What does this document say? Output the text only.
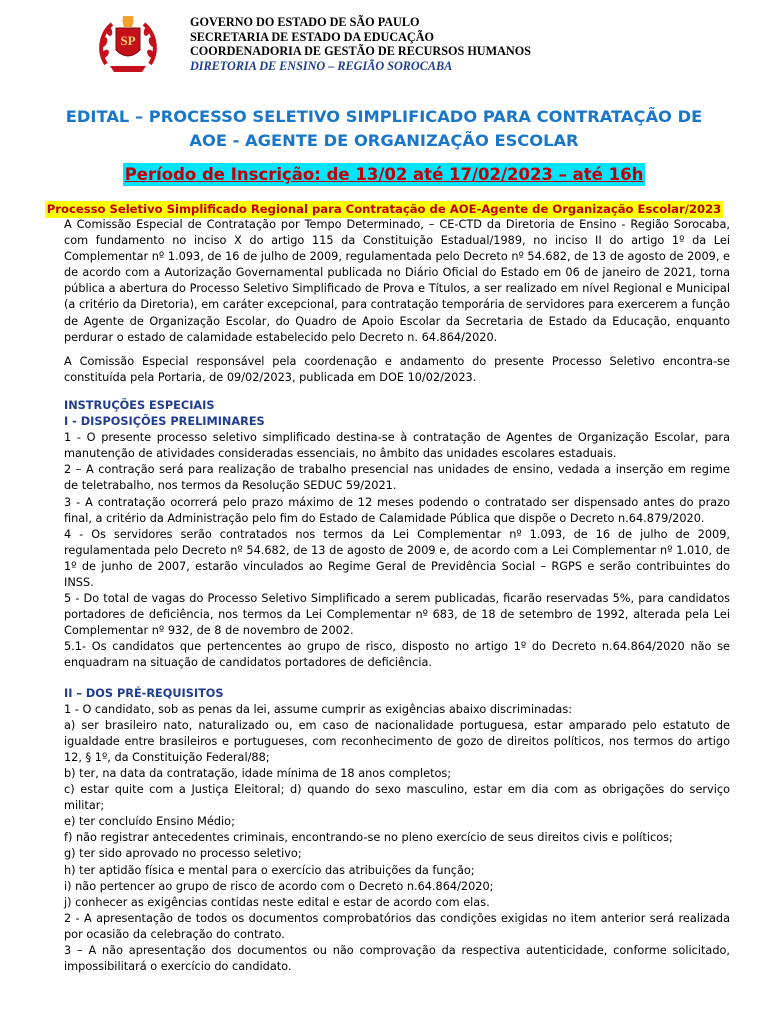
SP
GOVERNO DO ESTADO DE SÃO PAULO
SECRETARIA DE ESTADO DA EDUCAÇÃO
COORDENADORIA DE GESTÃO DE RECURSOS HUMANOS
DIRETORIA DE ENSINO – REGIÃO SOROCABA
EDITAL – PROCESSO SELETIVO SIMPLIFICADO PARA CONTRATAÇÃO DE
AOE - AGENTE DE ORGANIZAÇÃO ESCOLAR
Período de Inscrição: de 13/02 até 17/02/2023 – até 16h
Processo Seletivo Simplificado Regional para Contratação de AOE-Agente de Organização Escolar/2023

A Comissão Especial de Contratação por Tempo Determinado, – CE-CTD da Diretoria de Ensino - Região Sorocaba, com fundamento no inciso X do artigo 115 da Constituição Estadual/1989, no inciso II do artigo 1º da Lei Complementar nº 1.093, de 16 de julho de 2009, regulamentada pelo Decreto nº 54.682, de 13 de agosto de 2009, e de acordo com a Autorização Governamental publicada no Diário Oficial do Estado em 06 de janeiro de 2021, torna pública a abertura do Processo Seletivo Simplificado de Prova e Títulos, a ser realizado em nível Regional e Municipal (a critério da Diretoria), em caráter excepcional, para contratação temporária de servidores para exercerem a função de Agente de Organização Escolar, do Quadro de Apoio Escolar da Secretaria de Estado da Educação, enquanto perdurar o estado de calamidade estabelecido pelo Decreto n. 64.864/2020.

A Comissão Especial responsável pela coordenação e andamento do presente Processo Seletivo encontra-se constituída pela Portaria, de 09/02/2023, publicada em DOE 10/02/2023.

INSTRUÇÕES ESPECIAIS
I - DISPOSIÇÕES PRELIMINARES

1 - O presente processo seletivo simplificado destina-se à contratação de Agentes de Organização Escolar, para manutenção de atividades consideradas essenciais, no âmbito das unidades escolares estaduais.

2 – A contração será para realização de trabalho presencial nas unidades de ensino, vedada a inserção em regime de teletrabalho, nos termos da Resolução SEDUC 59/2021.

3 - A contratação ocorrerá pelo prazo máximo de 12 meses podendo o contratado ser dispensado antes do prazo final, a critério da Administração pelo fim do Estado de Calamidade Pública que dispõe o Decreto n.64.879/2020.

4 - Os servidores serão contratados nos termos da Lei Complementar nº 1.093, de 16 de julho de 2009, regulamentada pelo Decreto nº 54.682, de 13 de agosto de 2009 e, de acordo com a Lei Complementar nº 1.010, de 1º de junho de 2007, estarão vinculados ao Regime Geral de Previdência Social – RGPS e serão contribuintes do INSS.

5 - Do total de vagas do Processo Seletivo Simplificado a serem publicadas, ficarão reservadas 5%, para candidatos portadores de deficiência, nos termos da Lei Complementar nº 683, de 18 de setembro de 1992, alterada pela Lei Complementar nº 932, de 8 de novembro de 2002.

5.1- Os candidatos que pertencentes ao grupo de risco, disposto no artigo 1º do Decreto n.64.864/2020 não se enquadram na situação de candidatos portadores de deficiência.

II – DOS PRÉ-REQUISITOS

1 - O candidato, sob as penas da lei, assume cumprir as exigências abaixo discriminadas:

a) ser brasileiro nato, naturalizado ou, em caso de nacionalidade portuguesa, estar amparado pelo estatuto de igualdade entre brasileiros e portugueses, com reconhecimento de gozo de direitos políticos, nos termos do artigo 12, § 1º, da Constituição Federal/88;

b) ter, na data da contratação, idade mínima de 18 anos completos;

c) estar quite com a Justiça Eleitoral; d) quando do sexo masculino, estar em dia com as obrigações do serviço militar;

e) ter concluído Ensino Médio;

f) não registrar antecedentes criminais, encontrando-se no pleno exercício de seus direitos civis e políticos;

g) ter sido aprovado no processo seletivo;

h) ter aptidão física e mental para o exercício das atribuições da função;

i) não pertencer ao grupo de risco de acordo com o Decreto n.64.864/2020;

j) conhecer as exigências contidas neste edital e estar de acordo com elas.

2 - A apresentação de todos os documentos comprobatórios das condições exigidas no item anterior será realizada por ocasião da celebração do contrato.

3 – A não apresentação dos documentos ou não comprovação da respectiva autenticidade, conforme solicitado, impossibilitará o exercício do candidato.
